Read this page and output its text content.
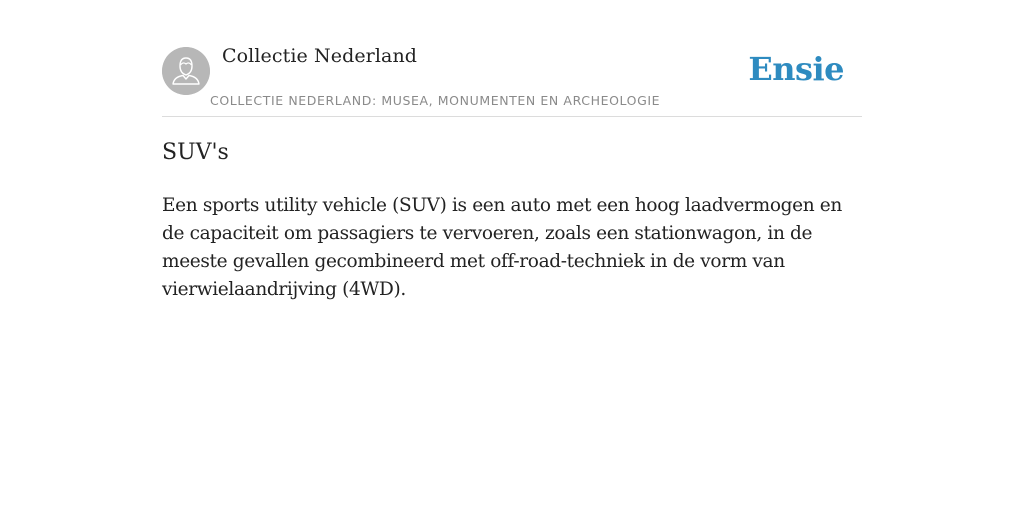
Collectie Nederland
COLLECTIE NEDERLAND: MUSEA, MONUMENTEN EN ARCHEOLOGIE
Ensie
SUV's

Een sports utility vehicle (SUV) is een auto met een hoog laadvermogen en de capaciteit om passagiers te vervoeren, zoals een stationwagon, in de meeste gevallen gecombineerd met off-road-techniek in de vorm van vierwielaandrijving (4WD).
